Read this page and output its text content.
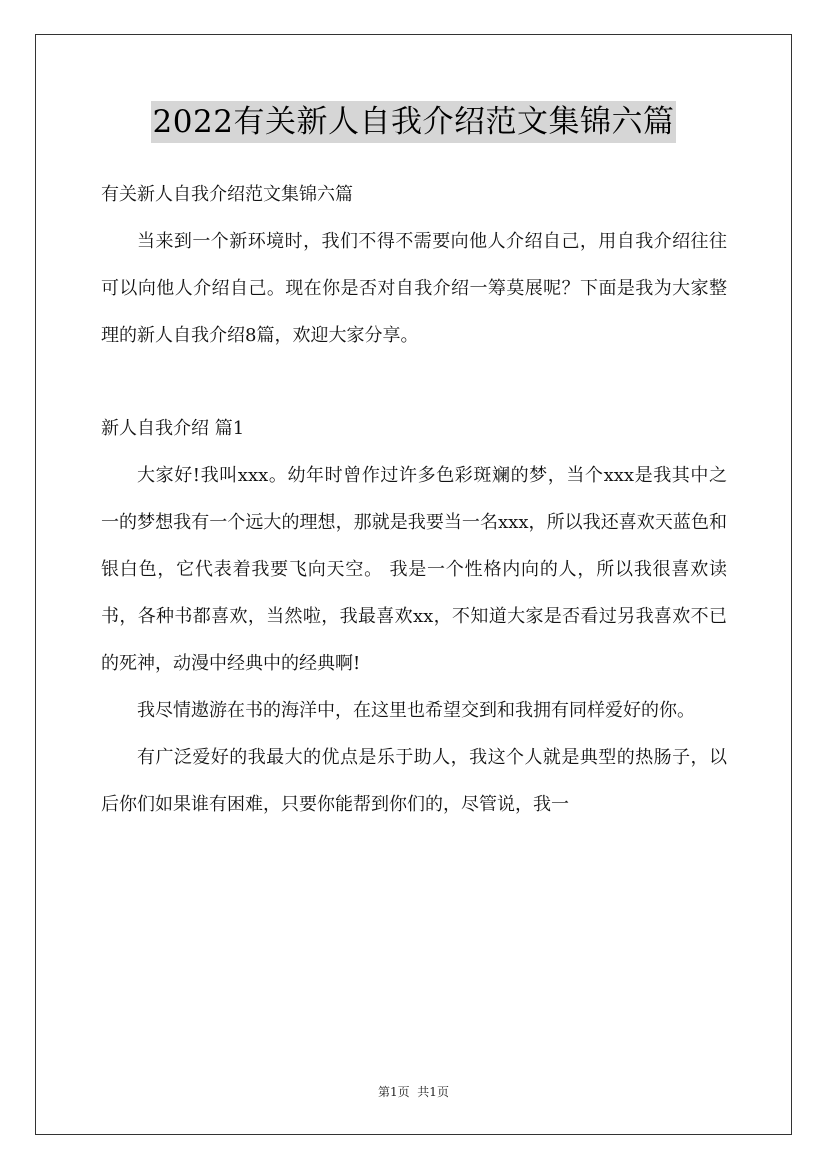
2022有关新人自我介绍范文集锦六篇

有关新人自我介绍范文集锦六篇

当来到一个新环境时，我们不得不需要向他人介绍自己，用自我介绍往往可以向他人介绍自己。现在你是否对自我介绍一筹莫展呢？下面是我为大家整理的新人自我介绍8篇，欢迎大家分享。

新人自我介绍 篇1

大家好!我叫xxx。幼年时曾作过许多色彩斑斓的梦，当个xxx是我其中之一的梦想我有一个远大的理想，那就是我要当一名xxx，所以我还喜欢天蓝色和银白色，它代表着我要飞向天空。 我是一个性格内向的人，所以我很喜欢读书，各种书都喜欢，当然啦，我最喜欢xx，不知道大家是否看过另我喜欢不已的死神，动漫中经典中的经典啊!

我尽情遨游在书的海洋中，在这里也希望交到和我拥有同样爱好的你。

有广泛爱好的我最大的优点是乐于助人，我这个人就是典型的热肠子，以后你们如果谁有困难，只要你能帮到你们的，尽管说，我一

第1页  共1页
